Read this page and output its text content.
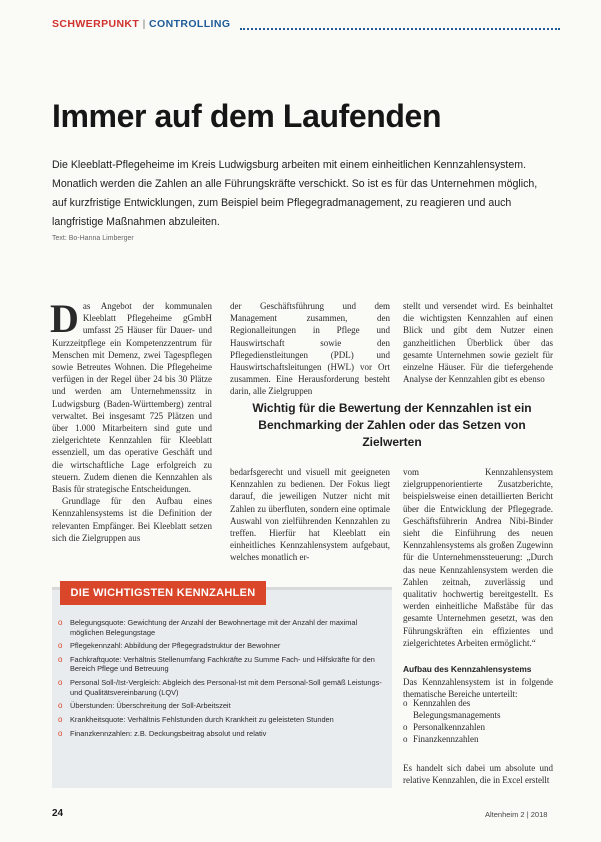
SCHWERPUNKT | CONTROLLING
Immer auf dem Laufenden
Die Kleeblatt-Pflegeheime im Kreis Ludwigsburg arbeiten mit einem einheitlichen Kennzahlensystem. Monatlich werden die Zahlen an alle Führungskräfte verschickt. So ist es für das Unternehmen möglich, auf kurzfristige Entwicklungen, zum Beispiel beim Pflegegradmanagement, zu reagieren und auch langfristige Maßnahmen abzuleiten.
Text: Bo-Hanna Limberger

Das Angebot der kommunalen Kleeblatt Pflegeheime gGmbH umfasst 25 Häuser für Dauer- und Kurzzeitpflege ein Kompetenzzentrum für Menschen mit Demenz, zwei Tagespflegen sowie Betreutes Wohnen. Die Pflegeheime verfügen in der Regel über 24 bis 30 Plätze und werden am Unternehmenssitz in Ludwigsburg (Baden-Württemberg) zentral verwaltet. Bei insgesamt 725 Plätzen und über 1.000 Mitarbeitern sind gute und zielgerichtete Kennzahlen für Kleeblatt essenziell, um das operative Geschäft und die wirtschaftliche Lage erfolgreich zu steuern. Zudem dienen die Kennzahlen als Basis für strategische Entscheidungen.

Grundlage für den Aufbau eines Kennzahlensystems ist die Definition der relevanten Empfänger. Bei Kleeblatt setzen sich die Zielgruppen aus

der Geschäftsführung und dem Management zusammen, den Regionalleitungen in Pflege und Hauswirtschaft sowie den Pflegedienstleitungen (PDL) und Hauswirtschaftsleitungen (HWL) vor Ort zusammen. Eine Herausforderung besteht darin, alle Zielgruppen
bedarfsgerecht und visuell mit geeigneten Kennzahlen zu bedienen. Der Fokus liegt darauf, die jeweiligen Nutzer nicht mit Zahlen zu überfluten, sondern eine optimale Auswahl von zielführenden Kennzahlen zu treffen. Hierfür hat Kleeblatt ein einheitliches Kennzahlensystem aufgebaut, welches monatlich er-
stellt und versendet wird. Es beinhaltet die wichtigsten Kennzahlen auf einen Blick und gibt dem Nutzer einen ganzheitlichen Überblick über das gesamte Unternehmen sowie gezielt für einzelne Häuser. Für die tiefergehende Analyse der Kennzahlen gibt es ebenso
vom Kennzahlensystem zielgruppenorientierte Zusatzberichte, beispielsweise einen detaillierten Bericht über die Entwicklung der Pflegegrade. Geschäftsführerin Andrea Nibi-Binder sieht die Einführung des neuen Kennzahlensystems als großen Zugewinn für die Unternehmenssteuerung: „Durch das neue Kennzahlensystem werden die Zahlen zeitnah, zuverlässig und qualitativ hochwertig bereitgestellt. Es werden einheitliche Maßstäbe für das gesamte Unternehmen gesetzt, was den Führungskräften ein effizientes und zielgerichtetes Arbeiten ermöglicht.“
Wichtig für die Bewertung der Kennzahlen ist ein Benchmarking der Zahlen oder das Setzen von Zielwerten
DIE WICHTIGSTEN KENNZAHLEN
o	Belegungsquote: Gewichtung der Anzahl der Bewohnertage mit der Anzahl der maximal möglichen Belegungstage
o	Pflegekennzahl: Abbildung der Pflegegradstruktur der Bewohner
o	Fachkraftquote: Verhältnis Stellenumfang Fachkräfte zu Summe Fach- und Hilfskräfte für den Bereich Pflege und Betreuung
o	Personal Soll-/Ist-Vergleich: Abgleich des Personal-Ist mit dem Personal-Soll gemäß Leistungs- und Qualitätsvereinbarung (LQV)
o	Überstunden: Überschreitung der Soll-Arbeitszeit
o	Krankheitsquote: Verhältnis Fehlstunden durch Krankheit zu geleisteten Stunden
o	Finanzkennzahlen: z.B. Deckungsbeitrag absolut und relativ
Aufbau des Kennzahlensystems
Das Kennzahlensystem ist in folgende thematische Bereiche unterteilt:
o Kennzahlen des Belegungsmanagements
o Personalkennzahlen
o Finanzkennzahlen
Es handelt sich dabei um absolute und relative Kennzahlen, die in Excel erstellt
24	Altenheim 2 | 2018
